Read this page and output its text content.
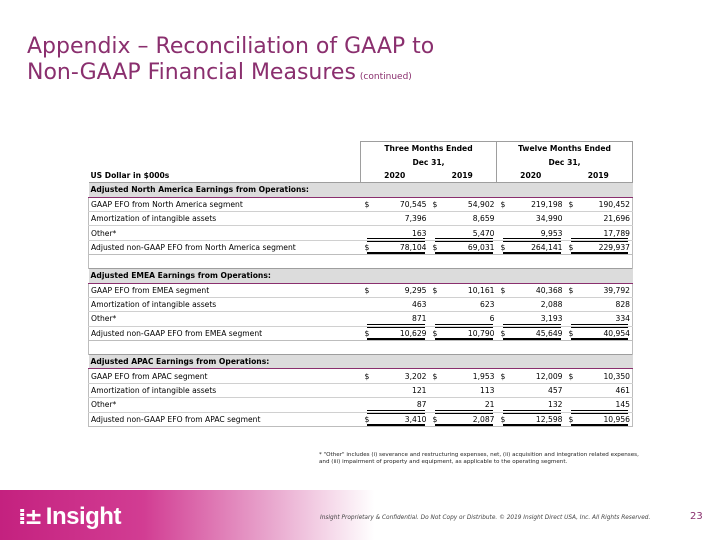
Appendix – Reconciliation of GAAP to
Non-GAAP Financial Measures (continued)
	Three Months Ended		Twelve Months Ended	
	Dec 31,		Dec 31,	
US Dollar in $000s	2020	2019	2020	2019
Adjusted North America Earnings from Operations:				
GAAP EFO from North America segment	$ 70,545	$ 54,902	$ 219,198	$ 190,452
Amortization of intangible assets	7,396	8,659	34,990	21,696
Other*	163	5,470	9,953	17,789
Adjusted non-GAAP EFO from North America segment	$ 78,104	$ 69,031	$ 264,141	$ 229,937

Adjusted EMEA Earnings from Operations:				
GAAP EFO from EMEA segment	$ 9,295	$ 10,161	$ 40,368	$ 39,792
Amortization of intangible assets	463	623	2,088	828
Other*	871	6	3,193	334
Adjusted non-GAAP EFO from EMEA segment	$ 10,629	$ 10,790	$ 45,649	$ 40,954

Adjusted APAC Earnings from Operations:				
GAAP EFO from APAC segment	$ 3,202	$ 1,953	$ 12,009	$ 10,350
Amortization of intangible assets	121	113	457	461
Other*	87	21	132	145
Adjusted non-GAAP EFO from APAC segment	$ 3,410	$ 2,087	$ 12,598	$ 10,956
* "Other" includes (i) severance and restructuring expenses, net, (ii) acquisition and integration related expenses, and (iii) impairment of property and equipment, as applicable to the operating segment.
⁞± Insight	Insight Proprietary & Confidential. Do Not Copy or Distribute. © 2019 Insight Direct USA, Inc. All Rights Reserved.	23
